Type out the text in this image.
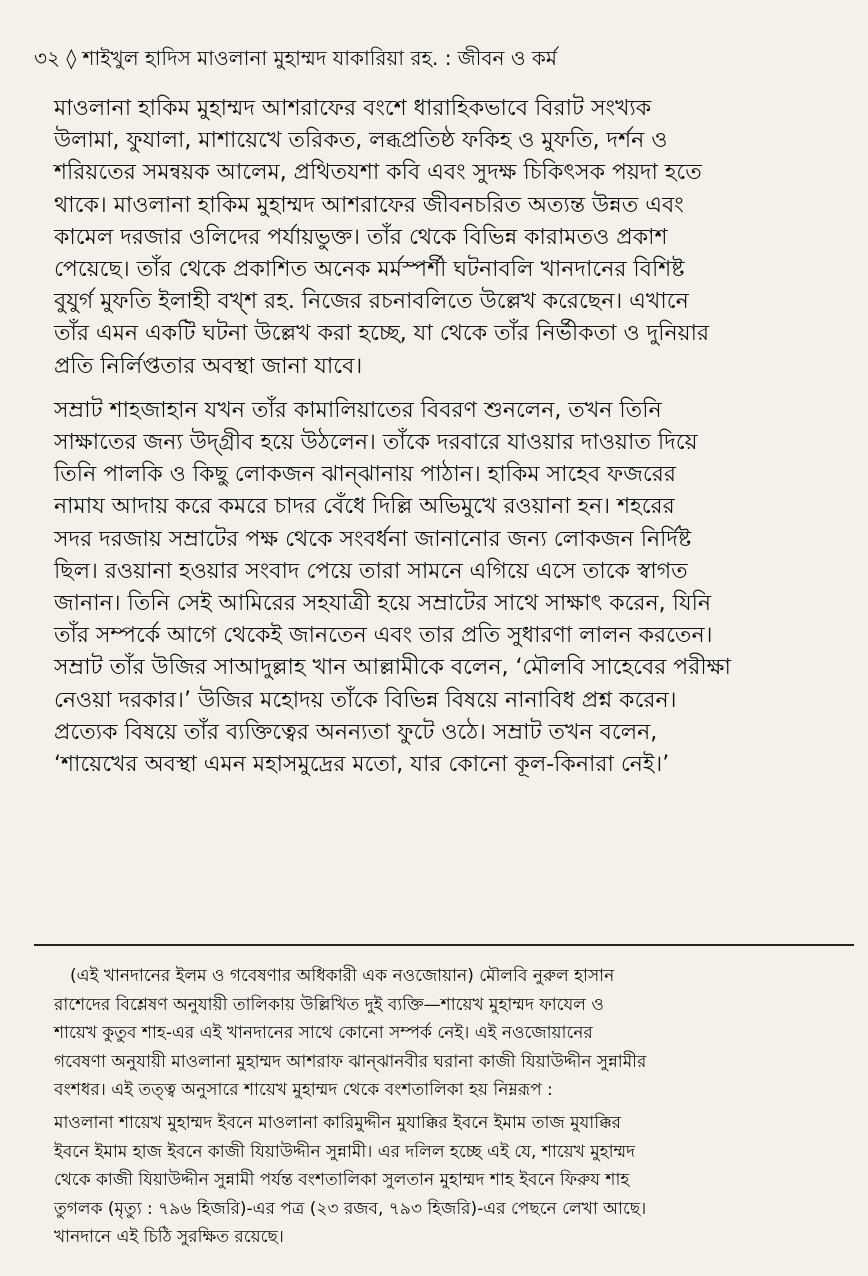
৩২ ◊ শাইখুল হাদিস মাওলানা মুহাম্মদ যাকারিয়া রহ. : জীবন ও কর্ম
মাওলানা হাকিম মুহাম্মদ আশরাফের বংশে ধারাহিকভাবে বিরাট সংখ্যক
উলামা, ফুযালা, মাশায়েখে তরিকত, লব্ধপ্রতিষ্ঠ ফকিহ ও মুফতি, দর্শন ও
শরিয়তের সমন্বয়ক আলেম, প্রথিতযশা কবি এবং সুদক্ষ চিকিৎসক পয়দা হতে
থাকে। মাওলানা হাকিম মুহাম্মদ আশরাফের জীবনচরিত অত্যন্ত উন্নত এবং
কামেল দরজার ওলিদের পর্যায়ভুক্ত। তাঁর থেকে বিভিন্ন কারামতও প্রকাশ
পেয়েছে। তাঁর থেকে প্রকাশিত অনেক মর্মস্পর্শী ঘটনাবলি খানদানের বিশিষ্ট
বুযুর্গ মুফতি ইলাহী বখ্শ রহ. নিজের রচনাবলিতে উল্লেখ করেছেন। এখানে
তাঁর এমন একটি ঘটনা উল্লেখ করা হচ্ছে, যা থেকে তাঁর নির্ভীকতা ও দুনিয়ার
প্রতি নির্লিপ্ততার অবস্থা জানা যাবে।
সম্রাট শাহজাহান যখন তাঁর কামালিয়াতের বিবরণ শুনলেন, তখন তিনি
সাক্ষাতের জন্য উদ্গ্রীব হয়ে উঠলেন। তাঁকে দরবারে যাওয়ার দাওয়াত দিয়ে
তিনি পালকি ও কিছু লোকজন ঝান্ঝানায় পাঠান। হাকিম সাহেব ফজরের
নামায আদায় করে কমরে চাদর বেঁধে দিল্লি অভিমুখে রওয়ানা হন। শহরের
সদর দরজায় সম্রাটের পক্ষ থেকে সংবর্ধনা জানানোর জন্য লোকজন নির্দিষ্ট
ছিল। রওয়ানা হওয়ার সংবাদ পেয়ে তারা সামনে এগিয়ে এসে তাকে স্বাগত
জানান। তিনি সেই আমিরের সহযাত্রী হয়ে সম্রাটের সাথে সাক্ষাৎ করেন, যিনি
তাঁর সম্পর্কে আগে থেকেই জানতেন এবং তার প্রতি সুধারণা লালন করতেন।
সম্রাট তাঁর উজির সাআদুল্লাহ খান আল্লামীকে বলেন, ‘মৌলবি সাহেবের পরীক্ষা
নেওয়া দরকার।’ উজির মহোদয় তাঁকে বিভিন্ন বিষয়ে নানাবিধ প্রশ্ন করেন।
প্রত্যেক বিষয়ে তাঁর ব্যক্তিত্বের অনন্যতা ফুটে ওঠে। সম্রাট তখন বলেন,
‘শায়েখের অবস্থা এমন মহাসমুদ্রের মতো, যার কোনো কূল-কিনারা নেই।’
(এই খানদানের ইলম ও গবেষণার অধিকারী এক নওজোয়ান) মৌলবি নুরুল হাসান
রাশেদের বিশ্লেষণ অনুযায়ী তালিকায় উল্লিখিত দুই ব্যক্তি—শায়েখ মুহাম্মদ ফাযেল ও
শায়েখ কুতুব শাহ-এর এই খানদানের সাথে কোনো সম্পর্ক নেই। এই নওজোয়ানের
গবেষণা অনুযায়ী মাওলানা মুহাম্মদ আশরাফ ঝান্ঝানবীর ঘরানা কাজী যিয়াউদ্দীন সুন্নামীর
বংশধর। এই তত্ত্ব অনুসারে শায়েখ মুহাম্মদ থেকে বংশতালিকা হয় নিম্নরূপ :
মাওলানা শায়েখ মুহাম্মদ ইবনে মাওলানা কারিমুদ্দীন মুযাক্কির ইবনে ইমাম তাজ মুযাক্কির
ইবনে ইমাম হাজ ইবনে কাজী যিয়াউদ্দীন সুন্নামী। এর দলিল হচ্ছে এই যে, শায়েখ মুহাম্মদ
থেকে কাজী যিয়াউদ্দীন সুন্নামী পর্যন্ত বংশতালিকা সুলতান মুহাম্মদ শাহ ইবনে ফিরুয শাহ
তুগলক (মৃত্যু : ৭৯৬ হিজরি)-এর পত্র (২৩ রজব, ৭৯৩ হিজরি)-এর পেছনে লেখা আছে।
খানদানে এই চিঠি সুরক্ষিত রয়েছে।
